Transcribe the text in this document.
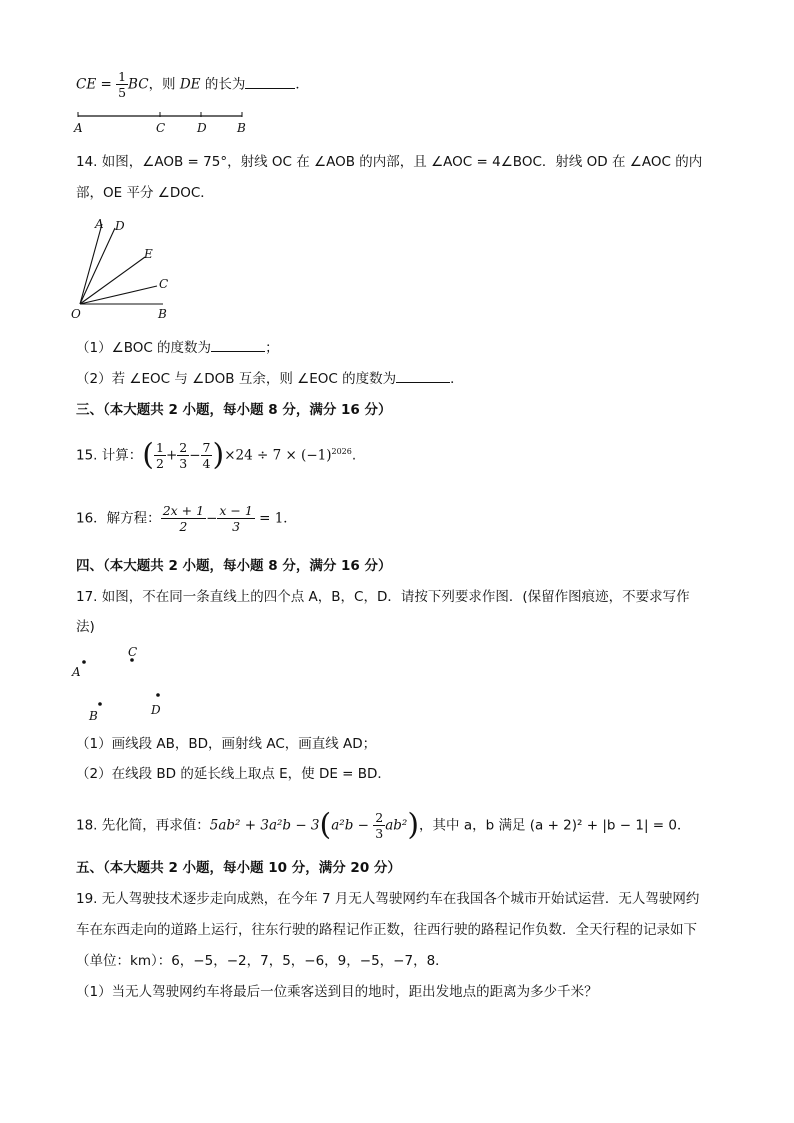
CE = $\frac{1}{5}$ BC，则 DE 的长为	．
A	C	D	B
14. 如图，∠AOB = 75°，射线 OC 在 ∠AOB 的内部，且 ∠AOC = 4∠BOC．射线 OD 在 ∠AOC 的内
部，OE 平分 ∠DOC．
A D
E
C
O	B
（1）∠BOC 的度数为	；
（2）若 ∠EOC 与 ∠DOB 互余，则 ∠EOC 的度数为	．
三、（本大题共 2 小题，每小题 8 分，满分 16 分）
15. 计算：( $\frac{1}{2} + \frac{2}{3} - \frac{7}{4} )\times 24 \div 7 \times (-1)^{2026}$.
16．解方程： $\frac{2x + 1}{2} - \frac{x - 1}{3} = 1$．
四、（本大题共 2 小题，每小题 8 分，满分 16 分）
17. 如图，不在同一条直线上的四个点 A，B，C，D．请按下列要求作图．(保留作图痕迹，不要求写作
法)
A
C
B	D
（1）画线段 AB，BD，画射线 AC，画直线 AD；
（2）在线段 BD 的延长线上取点 E，使 DE = BD．
18. 先化简，再求值：$5ab^2 + 3a^2b - 3(a^2b - \frac{2}{3} ab^2)$，其中 a，b 满足 (a + 2)² + |b − 1| = 0．
五、（本大题共 2 小题，每小题 10 分，满分 20 分）
19. 无人驾驶技术逐步走向成熟，在今年 7 月无人驾驶网约车在我国各个城市开始试运营．无人驾驶网约
车在东西走向的道路上运行，往东行驶的路程记作正数，往西行驶的路程记作负数．全天行程的记录如下
（单位：km）：6，−5，−2，7，5，−6，9，−5，−7，8．
（1）当无人驾驶网约车将最后一位乘客送到目的地时，距出发地点的距离为多少千米？
